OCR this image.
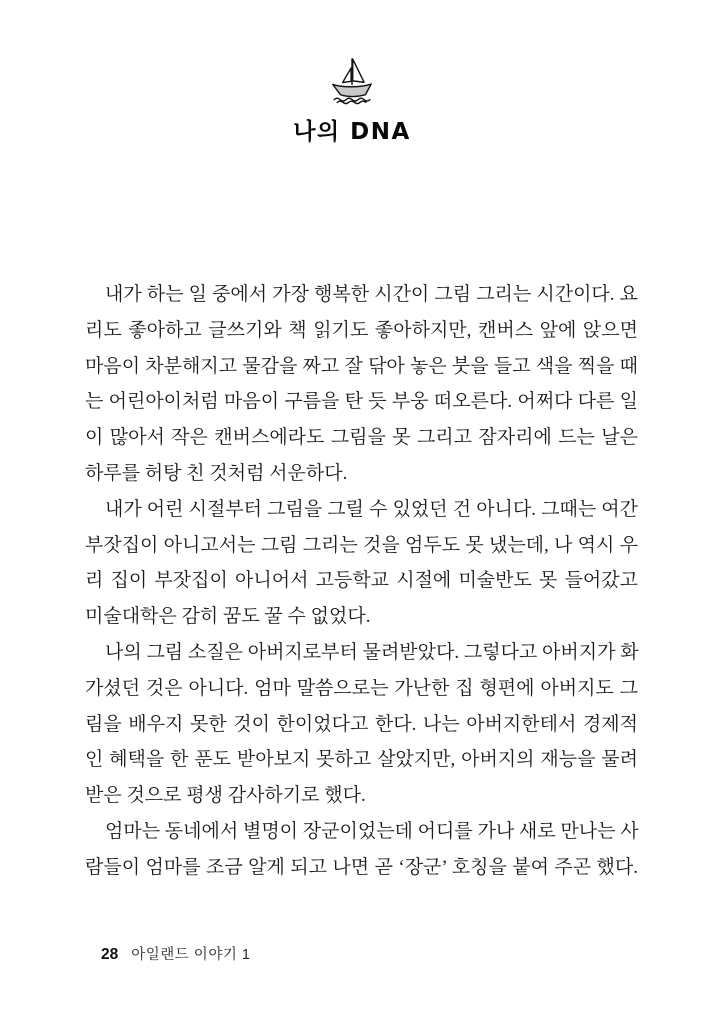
나의 DNA
내가 하는 일 중에서 가장 행복한 시간이 그림 그리는 시간이다. 요
리도 좋아하고 글쓰기와 책 읽기도 좋아하지만, 캔버스 앞에 앉으면
마음이 차분해지고 물감을 짜고 잘 닦아 놓은 붓을 들고 색을 찍을 때
는 어린아이처럼 마음이 구름을 탄 듯 부웅 떠오른다. 어쩌다 다른 일
이 많아서 작은 캔버스에라도 그림을 못 그리고 잠자리에 드는 날은
하루를 허탕 친 것처럼 서운하다.
내가 어린 시절부터 그림을 그릴 수 있었던 건 아니다. 그때는 여간
부잣집이 아니고서는 그림 그리는 것을 엄두도 못 냈는데, 나 역시 우
리 집이 부잣집이 아니어서 고등학교 시절에 미술반도 못 들어갔고
미술대학은 감히 꿈도 꿀 수 없었다.
나의 그림 소질은 아버지로부터 물려받았다. 그렇다고 아버지가 화
가셨던 것은 아니다. 엄마 말씀으로는 가난한 집 형편에 아버지도 그
림을 배우지 못한 것이 한이었다고 한다. 나는 아버지한테서 경제적
인 혜택을 한 푼도 받아보지 못하고 살았지만, 아버지의 재능을 물려
받은 것으로 평생 감사하기로 했다.
엄마는 동네에서 별명이 장군이었는데 어디를 가나 새로 만나는 사
람들이 엄마를 조금 알게 되고 나면 곧 ‘장군’ 호칭을 붙여 주곤 했다.
28 아일랜드 이야기 1
